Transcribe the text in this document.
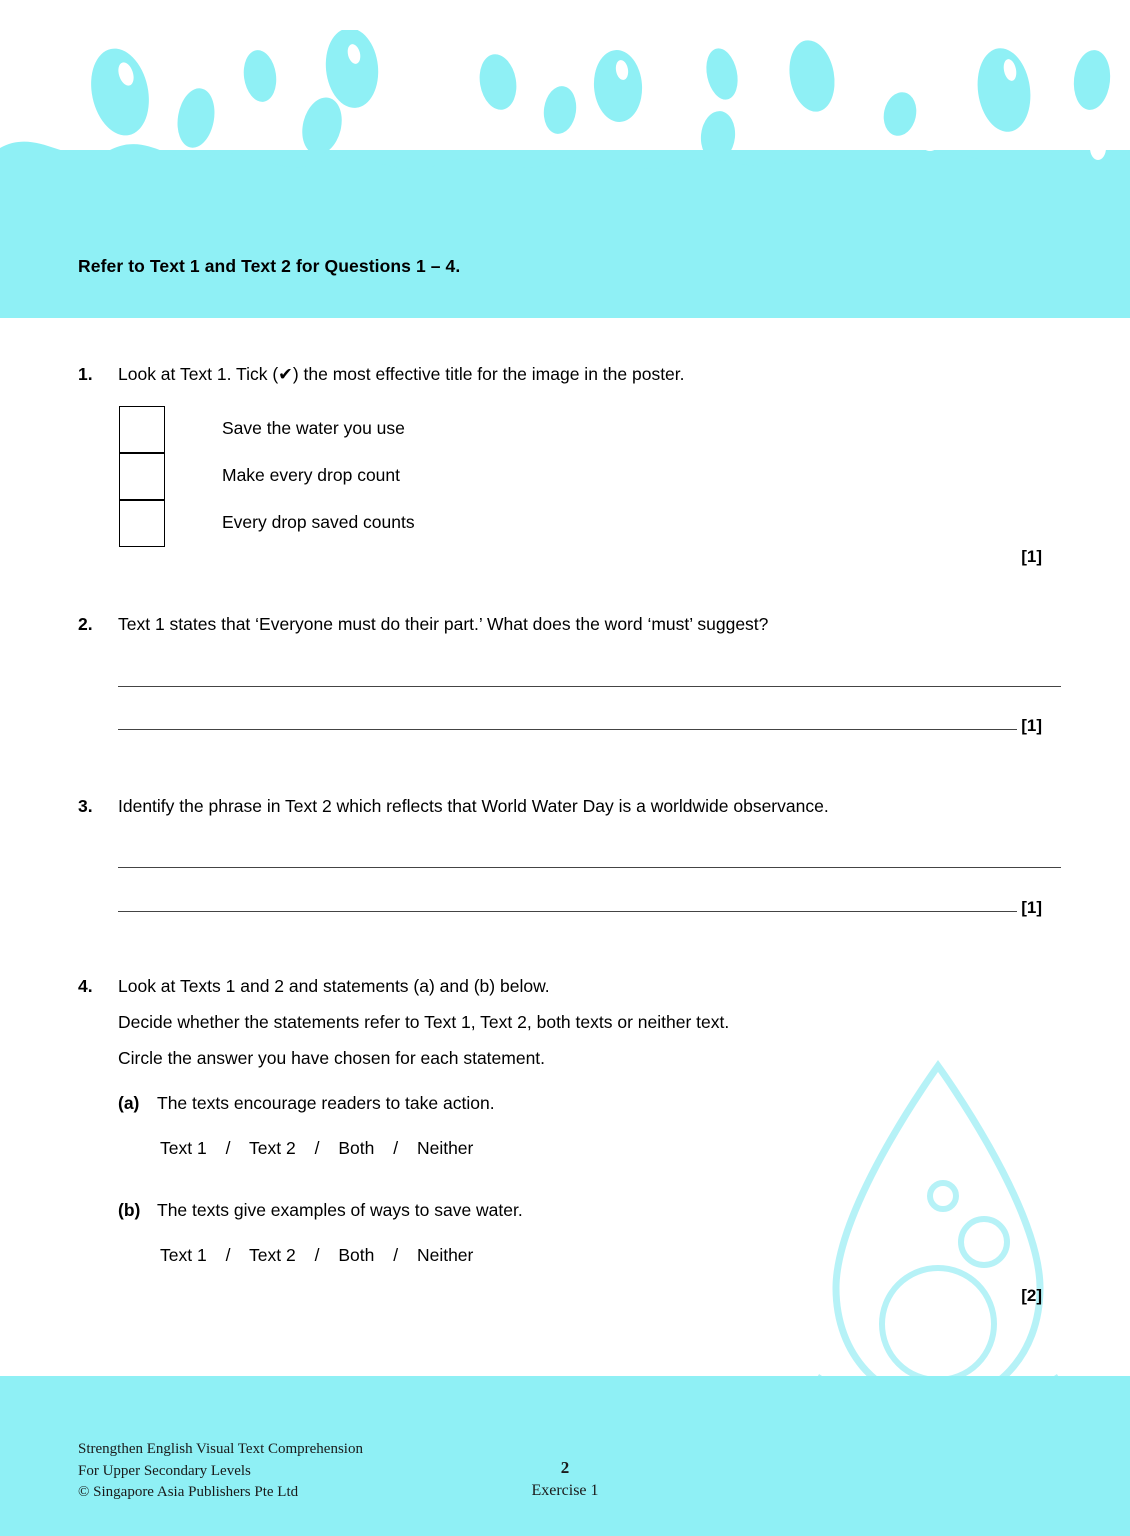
Refer to Text 1 and Text 2 for Questions 1 – 4.
1. Look at Text 1. Tick (✔) the most effective title for the image in the poster.
Save the water you use
Make every drop count
Every drop saved counts
[1]
2. Text 1 states that ‘Everyone must do their part.’ What does the word ‘must’ suggest?
[1]
3. Identify the phrase in Text 2 which reflects that World Water Day is a worldwide observance.
[1]
4. Look at Texts 1 and 2 and statements (a) and (b) below.
Decide whether the statements refer to Text 1, Text 2, both texts or neither text.
Circle the answer you have chosen for each statement.
(a) The texts encourage readers to take action.
Text 1 / Text 2 / Both / Neither
(b) The texts give examples of ways to save water.
Text 1 / Text 2 / Both / Neither
[2]
Strengthen English Visual Text Comprehension
For Upper Secondary Levels
© Singapore Asia Publishers Pte Ltd
2
Exercise 1
